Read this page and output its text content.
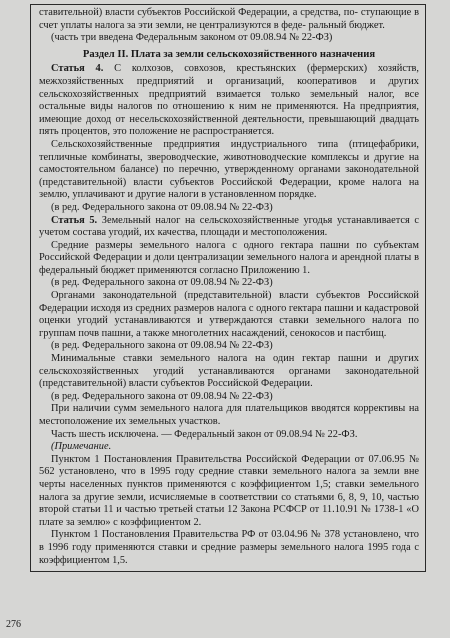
ставительной) власти субъектов Российской Федерации, а средства, по- ступающие в счет уплаты налога за эти земли, не централизуются в феде- ральный бюджет.

(часть три введена Федеральным законом от 09.08.94 № 22-ФЗ)

Раздел II. Плата за земли сельскохозяйственного назначения

Статья 4. С колхозов, совхозов, крестьянских (фермерских) хозяйств, межхозяйственных предприятий и организаций, кооперативов и других сельскохозяйственных предприятий взимается только земельный налог, все остальные виды налогов по отношению к ним не применяются. На предприятия, имеющие доход от несельскохозяйственной деятельности, превышающий двадцать пять процентов, это положение не распространяется.

Сельскохозяйственные предприятия индустриального типа (птицефабрики, тепличные комбинаты, звероводческие, животноводческие комплексы и другие на самостоятельном балансе) по перечню, утвержденному органами законодательной (представительной) власти субъектов Российской Федерации, кроме налога на землю, уплачивают и другие налоги в установленном порядке.

(в ред. Федерального закона от 09.08.94 № 22-ФЗ)

Статья 5. Земельный налог на сельскохозяйственные угодья устанавливается с учетом состава угодий, их качества, площади и местоположения.

Средние размеры земельного налога с одного гектара пашни по субъектам Российской Федерации и доли централизации земельного налога и арендной платы в федеральный бюджет применяются согласно Приложению 1.

(в ред. Федерального закона от 09.08.94 № 22-ФЗ)

Органами законодательной (представительной) власти субъектов Российской Федерации исходя из средних размеров налога с одного гектара пашни и кадастровой оценки угодий устанавливаются и утверждаются ставки земельного налога по группам почв пашни, а также многолетних насаждений, сенокосов и пастбищ.

(в ред. Федерального закона от 09.08.94 № 22-ФЗ)

Минимальные ставки земельного налога на один гектар пашни и других сельскохозяйственных угодий устанавливаются органами законодательной (представительной) власти субъектов Российской Федерации.

(в ред. Федерального закона от 09.08.94 № 22-ФЗ)

При наличии сумм земельного налога для плательщиков вводятся коррективы на местоположение их земельных участков.

Часть шесть исключена. — Федеральный закон от 09.08.94 № 22-ФЗ.

(Примечание.

Пунктом 1 Постановления Правительства Российской Федерации от 07.06.95 № 562 установлено, что в 1995 году средние ставки земельного налога за земли вне черты населенных пунктов применяются с коэффициентом 1,5; ставки земельного налога за другие земли, исчисляемые в соответствии со статьями 6, 8, 9, 10, частью второй статьи 11 и частью третьей статьи 12 Закона РСФСР от 11.10.91 № 1738-1 «О плате за землю» с коэффициентом 2.

Пунктом 1 Постановления Правительства РФ от 03.04.96 № 378 установлено, что в 1996 году применяются ставки и средние размеры земельного налога 1995 года с коэффициентом 1,5.

276
